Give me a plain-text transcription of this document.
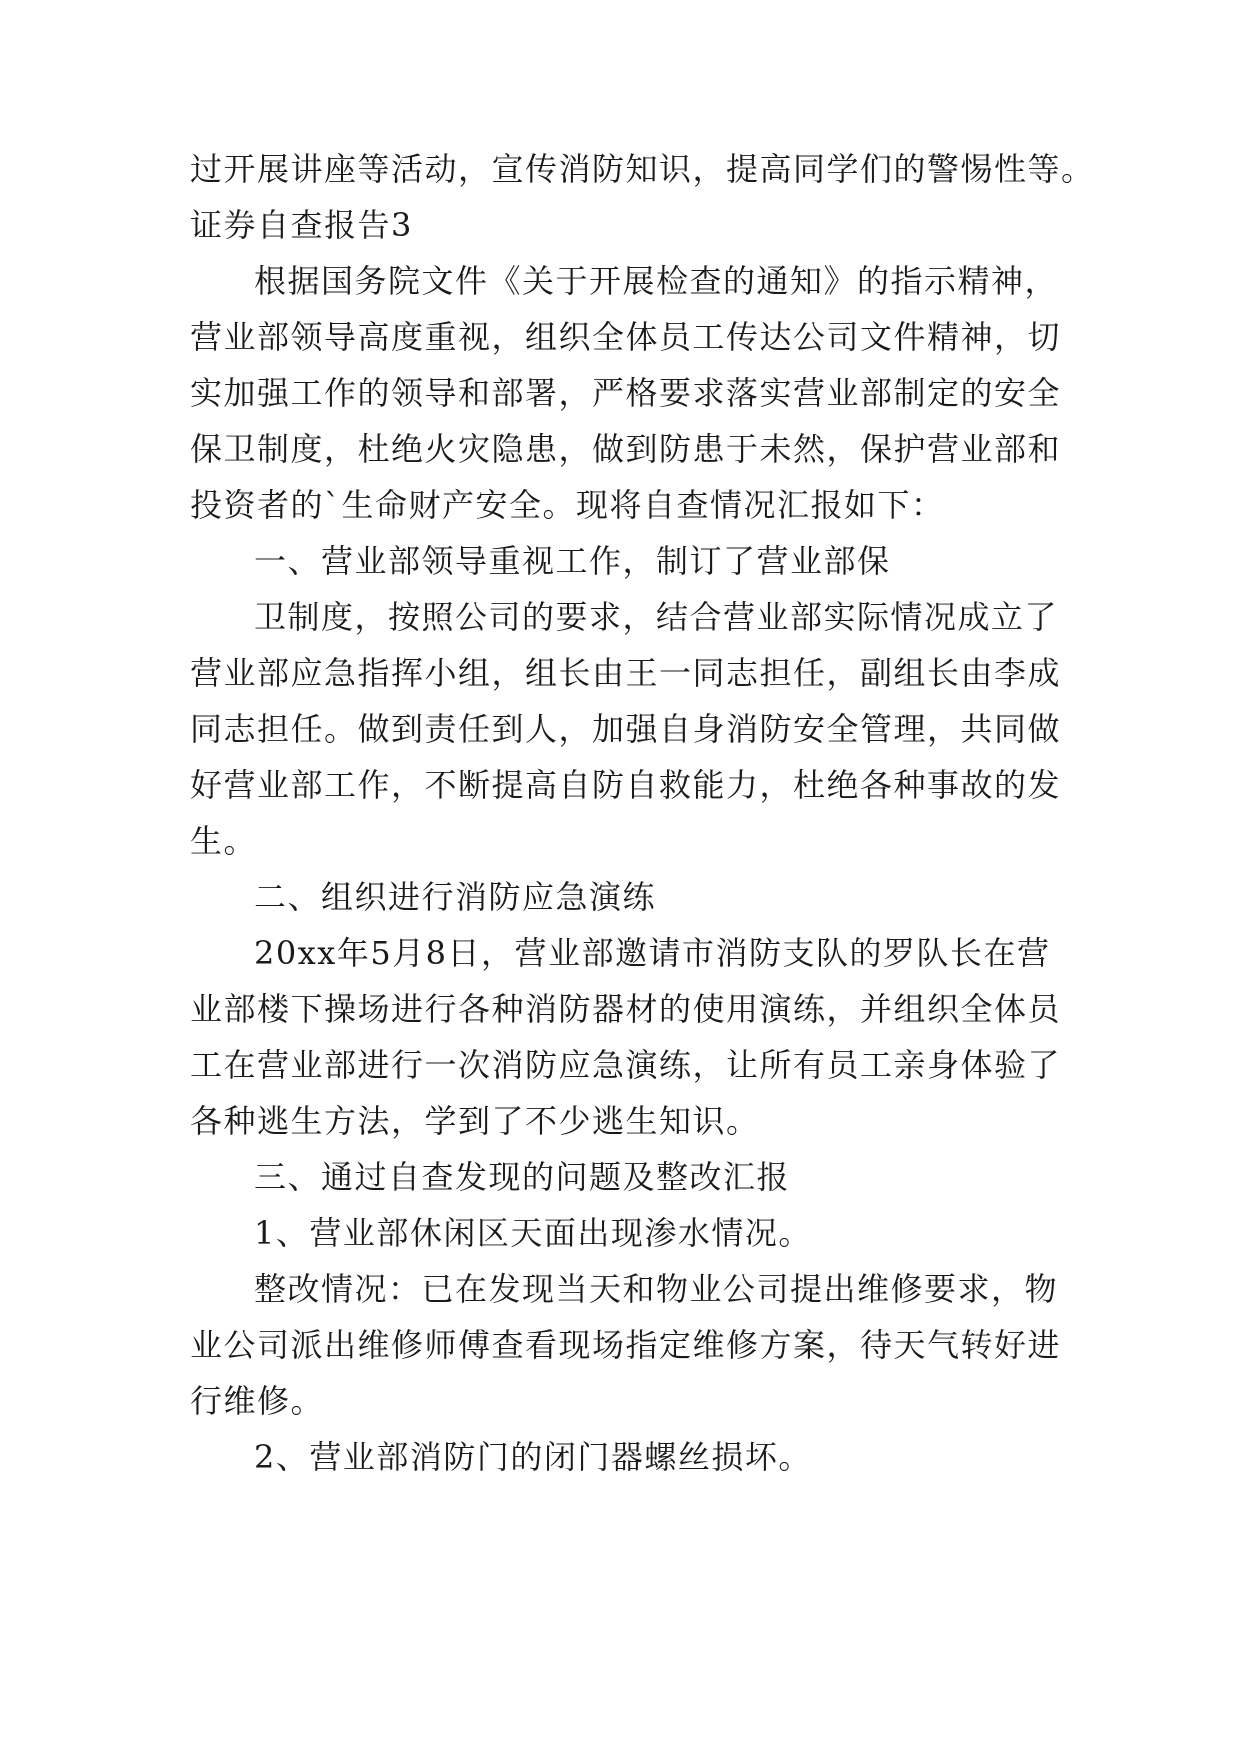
过开展讲座等活动，宣传消防知识，提高同学们的警惕性等。
证券自查报告3
根据国务院文件《关于开展检查的通知》的指示精神，
营业部领导高度重视，组织全体员工传达公司文件精神，切
实加强工作的领导和部署，严格要求落实营业部制定的安全
保卫制度，杜绝火灾隐患，做到防患于未然，保护营业部和
投资者的`生命财产安全。现将自查情况汇报如下：
一、营业部领导重视工作，制订了营业部保
卫制度，按照公司的要求，结合营业部实际情况成立了
营业部应急指挥小组，组长由王一同志担任，副组长由李成
同志担任。做到责任到人，加强自身消防安全管理，共同做
好营业部工作，不断提高自防自救能力，杜绝各种事故的发
生。
二、组织进行消防应急演练
20xx年5月8日，营业部邀请市消防支队的罗队长在营
业部楼下操场进行各种消防器材的使用演练，并组织全体员
工在营业部进行一次消防应急演练，让所有员工亲身体验了
各种逃生方法，学到了不少逃生知识。
三、通过自查发现的问题及整改汇报
1、营业部休闲区天面出现渗水情况。
整改情况：已在发现当天和物业公司提出维修要求，物
业公司派出维修师傅查看现场指定维修方案，待天气转好进
行维修。
2、营业部消防门的闭门器螺丝损坏。
